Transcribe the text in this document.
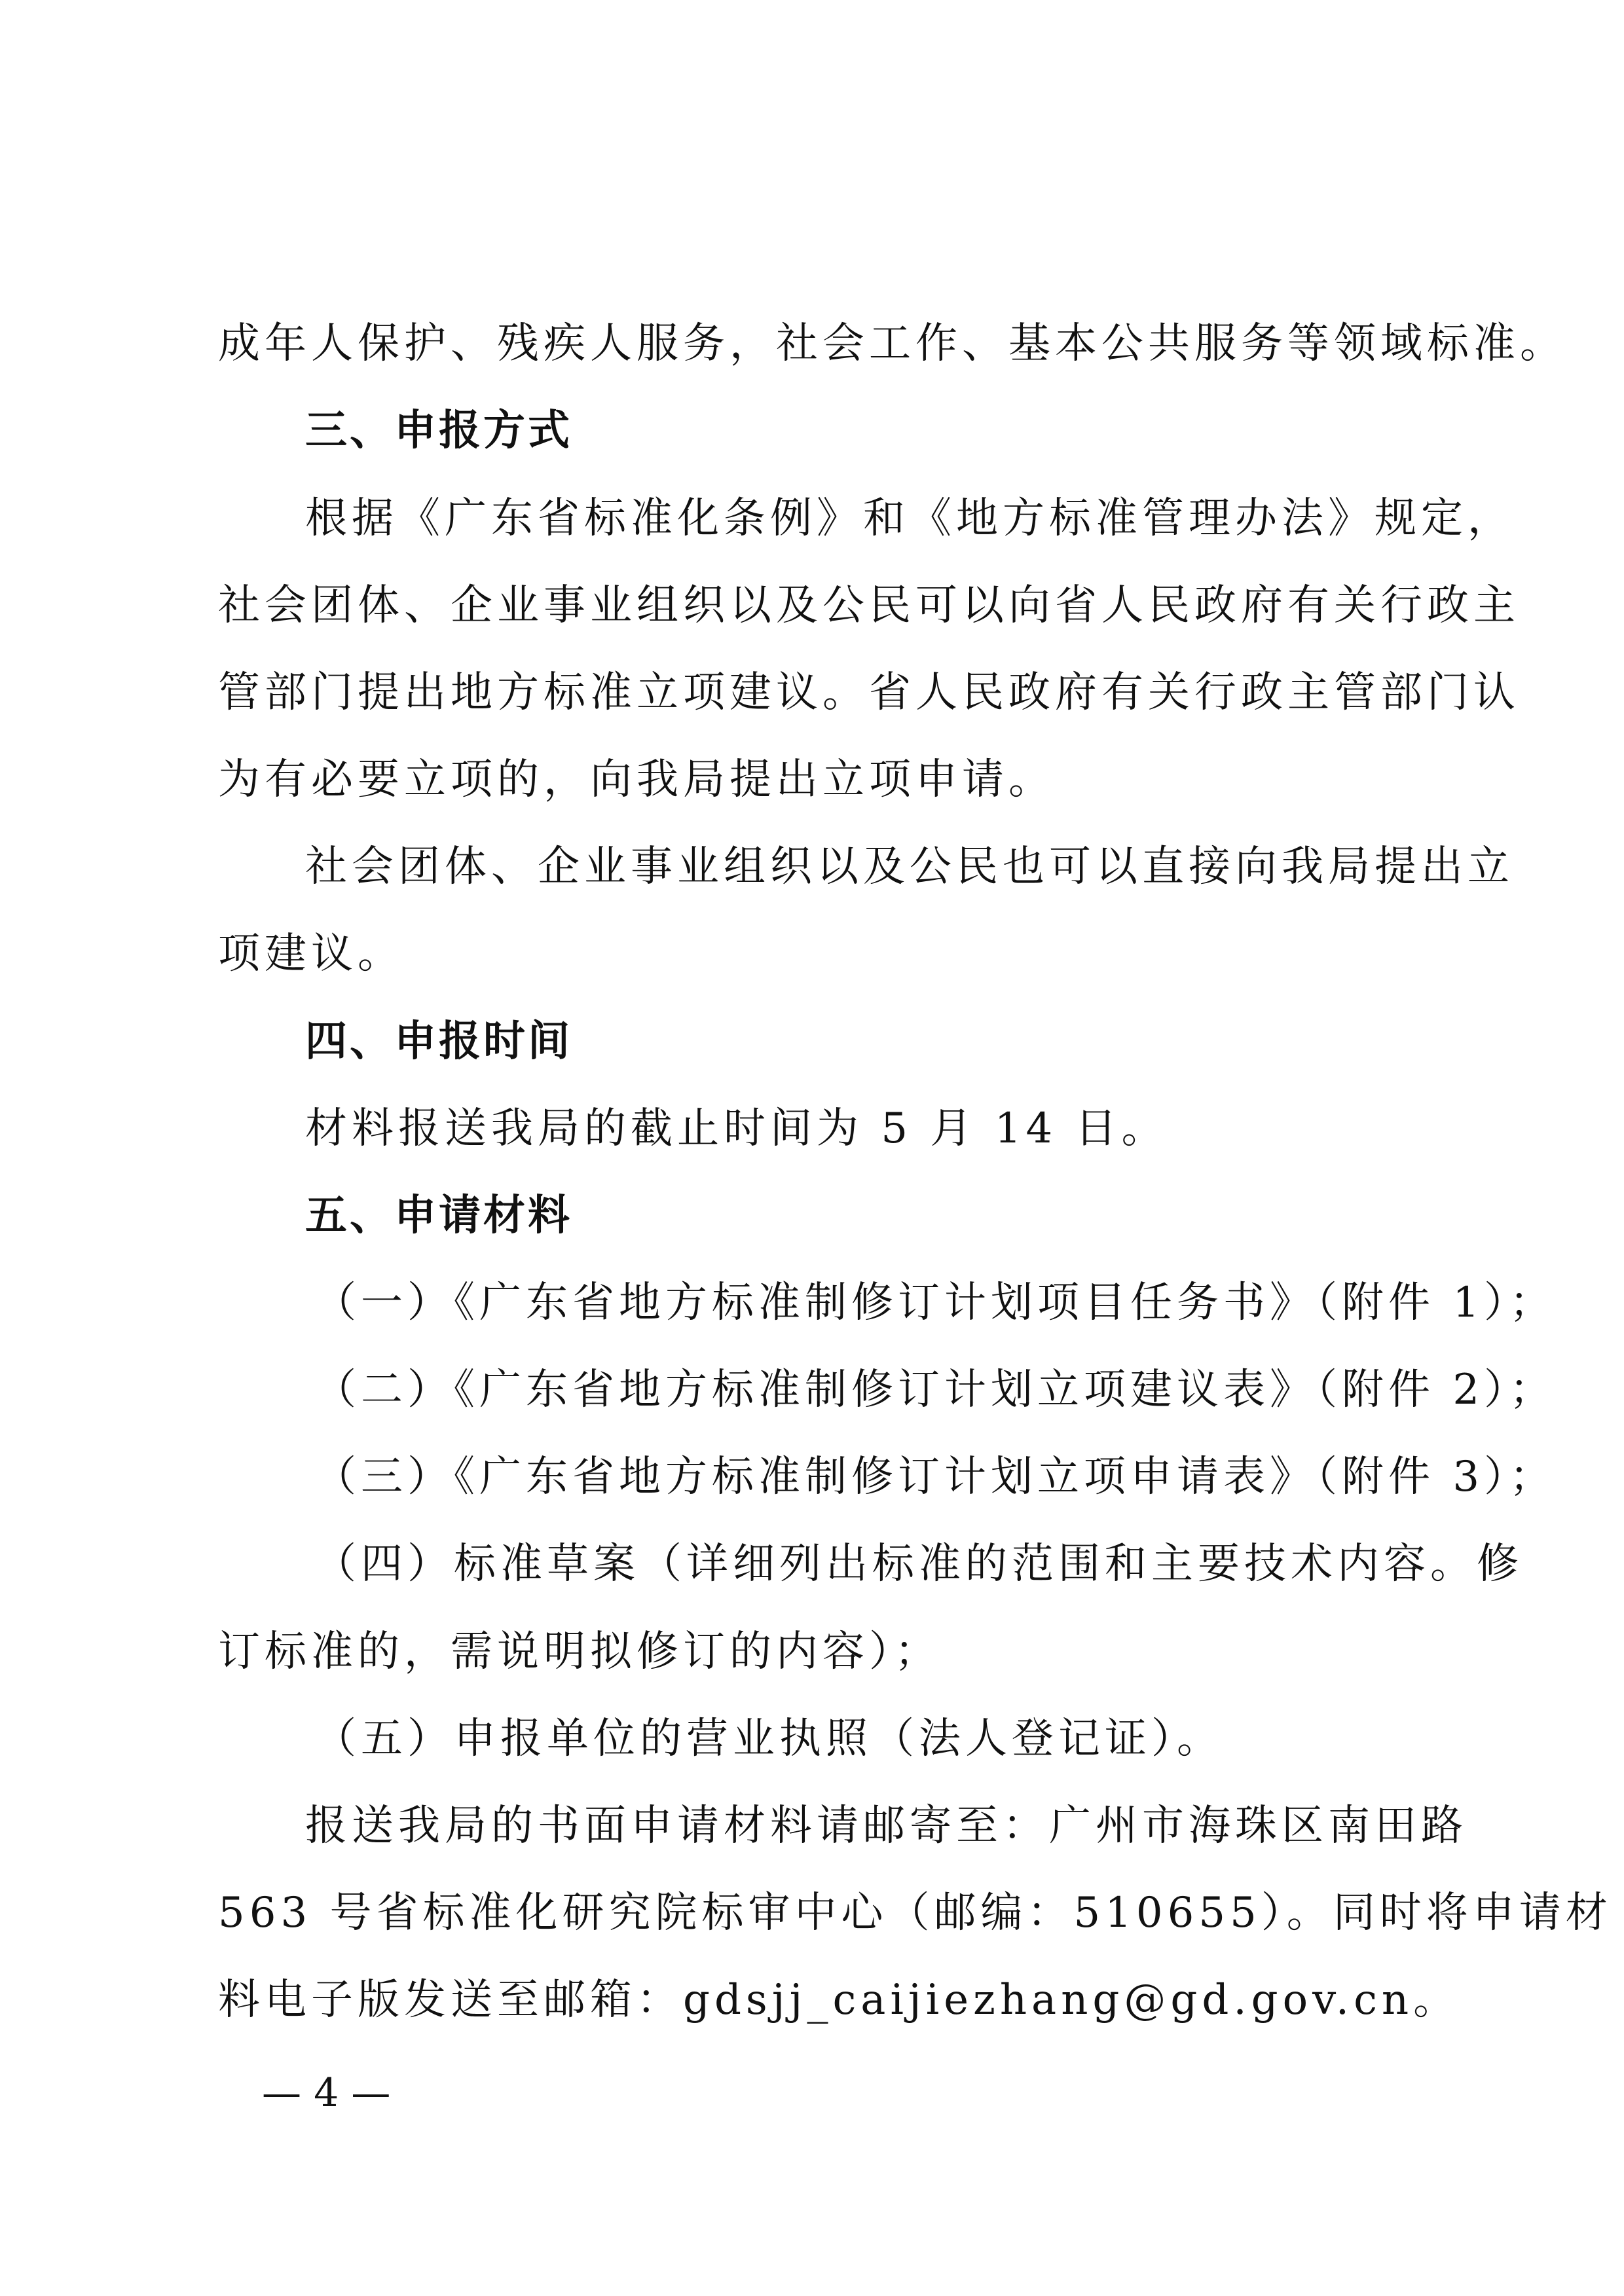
成年人保护、残疾人服务，社会工作、基本公共服务等领域标准。
三、申报方式
根据《广东省标准化条例》和《地方标准管理办法》规定，
社会团体、企业事业组织以及公民可以向省人民政府有关行政主
管部门提出地方标准立项建议。省人民政府有关行政主管部门认
为有必要立项的，向我局提出立项申请。
社会团体、企业事业组织以及公民也可以直接向我局提出立
项建议。
四、申报时间
材料报送我局的截止时间为 5 月 14 日。
五、申请材料
（一）《广东省地方标准制修订计划项目任务书》（附件 1）；
（二）《广东省地方标准制修订计划立项建议表》（附件 2）；
（三）《广东省地方标准制修订计划立项申请表》（附件 3）；
（四）标准草案（详细列出标准的范围和主要技术内容。修
订标准的，需说明拟修订的内容）；
（五）申报单位的营业执照（法人登记证）。
报送我局的书面申请材料请邮寄至：广州市海珠区南田路
563 号省标准化研究院标审中心（邮编：510655）。同时将申请材
料电子版发送至邮箱：gdsjj_caijiezhang@gd.gov.cn。
— 4 —
